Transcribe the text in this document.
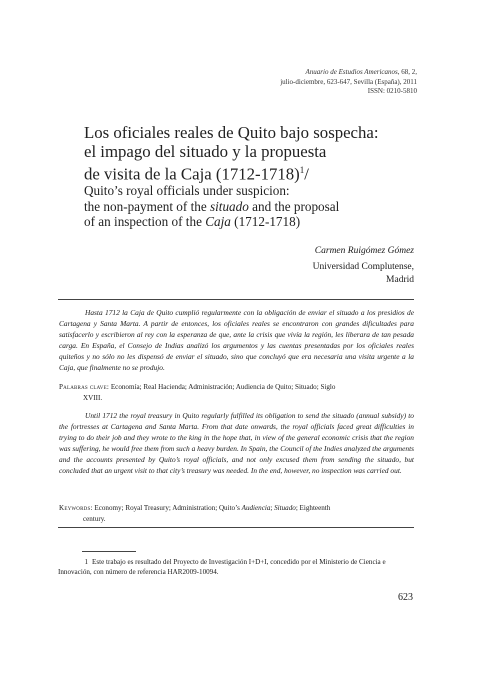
Anuario de Estudios Americanos, 68, 2,
julio-diciembre, 623-647, Sevilla (España), 2011
ISSN: 0210-5810
Los oficiales reales de Quito bajo sospecha:
el impago del situado y la propuesta
de visita de la Caja (1712-1718)$^1$/
Quito’s royal officials under suspicion:
the non-payment of the situado and the proposal
of an inspection of the Caja (1712-1718)
Carmen Ruigómez Gómez
Universidad Complutense,
Madrid
Hasta 1712 la Caja de Quito cumplió regularmente con la obligación de enviar el situado a los presidios de Cartagena y Santa Marta. A partir de entonces, los oficiales reales se encontraron con grandes dificultades para satisfacerlo y escribieron al rey con la esperanza de que, ante la crisis que vivía la región, les liberara de tan pesada carga. En España, el Consejo de Indias analizó los argumentos y las cuentas presentadas por los oficiales reales quiteños y no sólo no les dispensó de enviar el situado, sino que concluyó que era necesaria una visita urgente a la Caja, que finalmente no se produjo.
Palabras clave: Economía; Real Hacienda; Administración; Audiencia de Quito; Situado; Siglo
XVIII.
Until 1712 the royal treasury in Quito regularly fulfilled its obligation to send the situado (annual subsidy) to the fortresses at Cartagena and Santa Marta. From that date onwards, the royal officials faced great difficulties in trying to do their job and they wrote to the king in the hope that, in view of the general economic crisis that the region was suffering, he would free them from such a heavy burden. In Spain, the Council of the Indies analyzed the arguments and the accounts presented by Quito’s royal officials, and not only excused them from sending the situado, but concluded that an urgent visit to that city’s treasury was needed. In the end, however, no inspection was carried out.
Keywords: Economy; Royal Treasury; Administration; Quito’s Audiencia; Situado; Eighteenth
century.
1 Este trabajo es resultado del Proyecto de Investigación I+D+I, concedido por el Ministerio de Ciencia e Innovación, con número de referencia HAR2009-10094.
623
